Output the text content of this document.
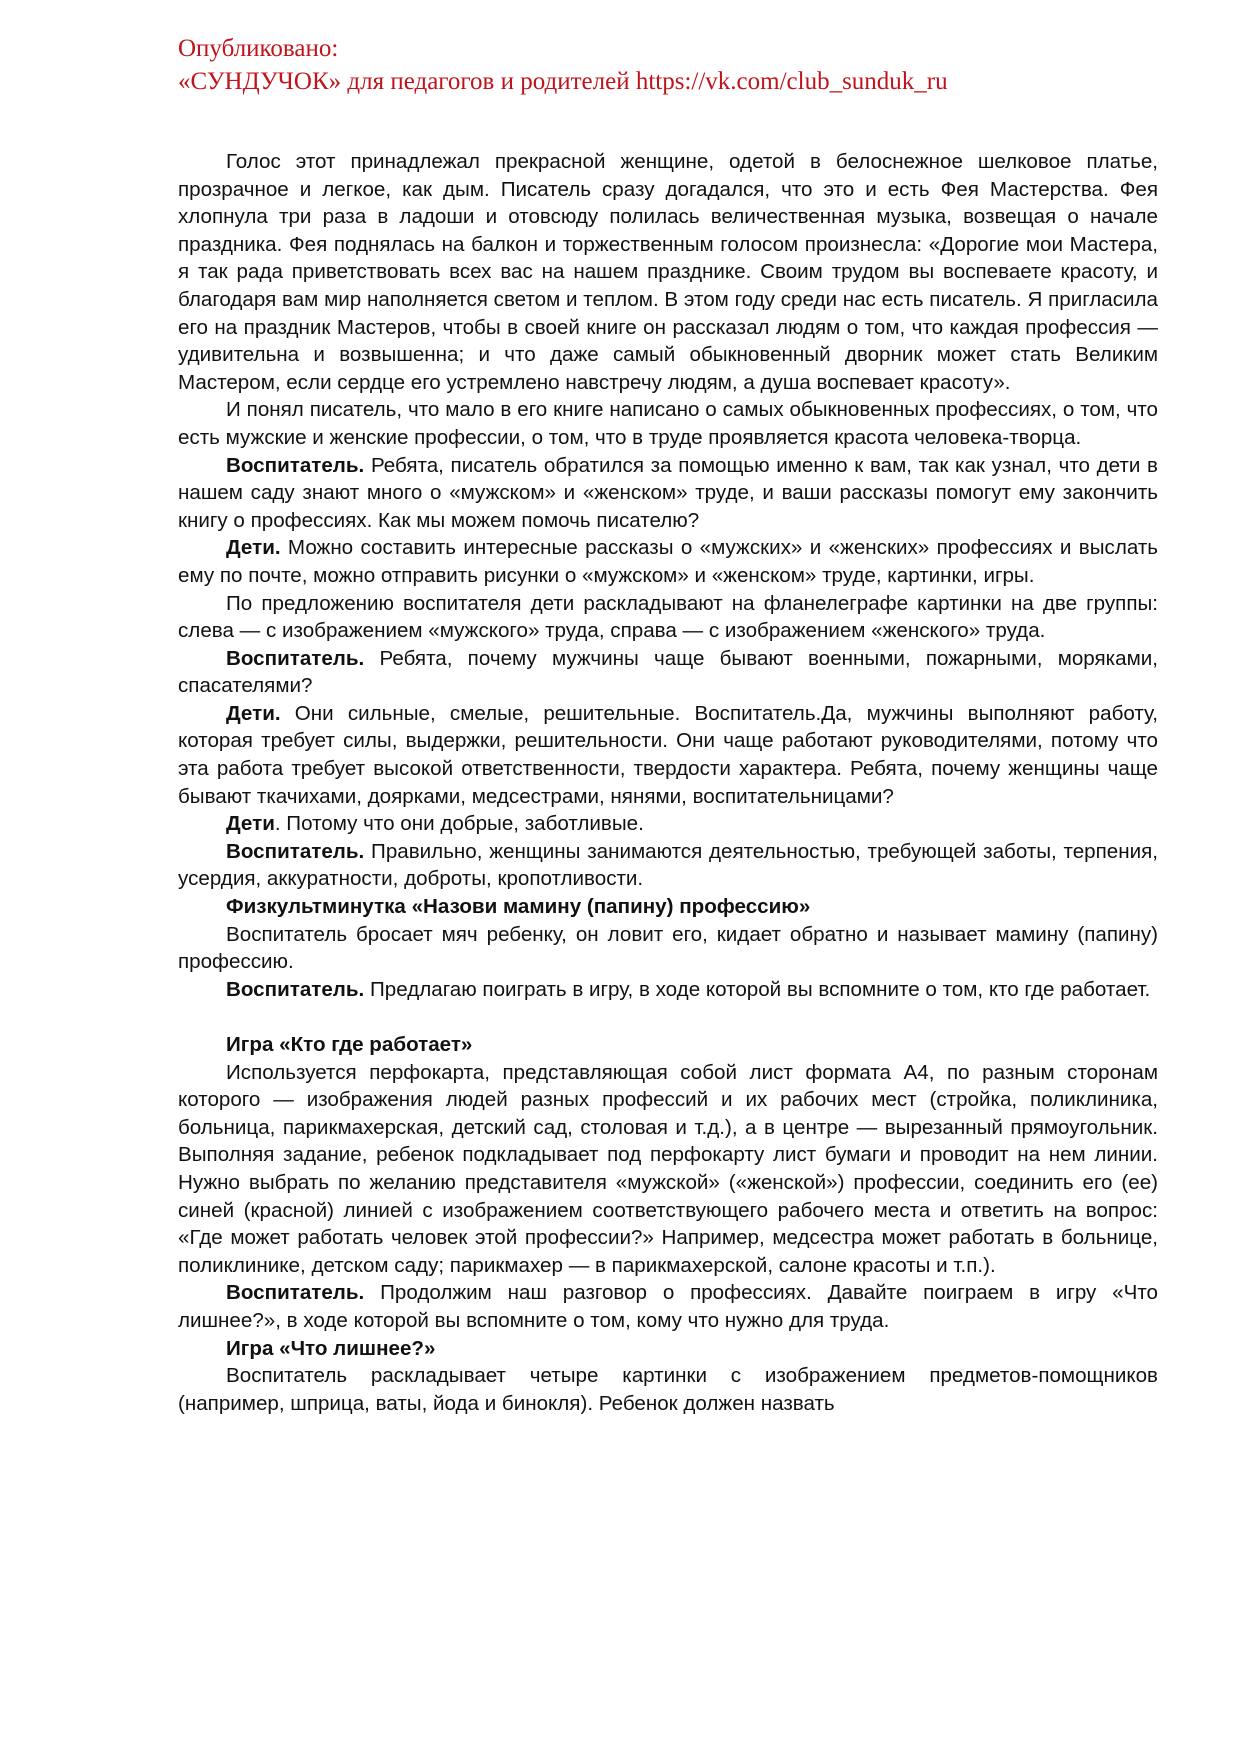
Опубликовано:
«СУНДУЧОК» для педагогов и родителей https://vk.com/club_sunduk_ru

Голос этот принадлежал прекрасной женщине, одетой в белоснежное шелковое платье, прозрачное и легкое, как дым. Писатель сразу догадался, что это и есть Фея Мастерства. Фея хлопнула три раза в ладоши и отовсюду полилась величественная музыка, возвещая о начале праздника. Фея поднялась на балкон и торжественным голосом произнесла: «Дорогие мои Мастера, я так рада приветствовать всех вас на нашем празднике. Своим трудом вы воспеваете красоту, и благодаря вам мир наполняется светом и теплом. В этом году среди нас есть писатель. Я пригласила его на праздник Мастеров, чтобы в своей книге он рассказал людям о том, что каждая профессия — удивительна и возвышенна; и что даже самый обыкновенный дворник может стать Великим Мастером, если сердце его устремлено навстречу людям, а душа воспевает красоту».

И понял писатель, что мало в его книге написано о самых обыкновенных профессиях, о том, что есть мужские и женские профессии, о том, что в труде проявляется красота человека-творца.

Воспитатель. Ребята, писатель обратился за помощью именно к вам, так как узнал, что дети в нашем саду знают много о «мужском» и «женском» труде, и ваши рассказы помогут ему закончить книгу о профессиях. Как мы можем помочь писателю?

Дети. Можно составить интересные рассказы о «мужских» и «женских» профессиях и выслать ему по почте, можно отправить рисунки о «мужском» и «женском» труде, картинки, игры.

По предложению воспитателя дети раскладывают на фланелеграфе картинки на две группы: слева — с изображением «мужского» труда, справа — с изображением «женского» труда.

Воспитатель. Ребята, почему мужчины чаще бывают военными, пожарными, моряками, спасателями?

Дети. Они сильные, смелые, решительные. Воспитатель.Да, мужчины выполняют работу, которая требует силы, выдержки, решительности. Они чаще работают руководителями, потому что эта работа требует высокой ответственности, твердости характера. Ребята, почему женщины чаще бывают ткачихами, доярками, медсестрами, нянями, воспитательницами?

Дети. Потому что они добрые, заботливые.

Воспитатель. Правильно, женщины занимаются деятельностью, требующей заботы, терпения, усердия, аккуратности, доброты, кропотливости.

Физкультминутка «Назови мамину (папину) профессию»

Воспитатель бросает мяч ребенку, он ловит его, кидает обратно и называет мамину (папину) профессию.

Воспитатель. Предлагаю поиграть в игру, в ходе которой вы вспомните о том, кто где работает.

Игра «Кто где работает»

Используется перфокарта, представляющая собой лист формата А4, по разным сторонам которого — изображения людей разных профессий и их рабочих мест (стройка, поликлиника, больница, парикмахерская, детский сад, столовая и т.д.), а в центре — вырезанный прямоугольник. Выполняя задание, ребенок подкладывает под перфокарту лист бумаги и проводит на нем линии. Нужно выбрать по желанию представителя «мужской» («женской») профессии, соединить его (ее) синей (красной) линией с изображением соответствующего рабочего места и ответить на вопрос: «Где может работать человек этой профессии?» Например, медсестра может работать в больнице, поликлинике, детском саду; парикмахер — в парикмахерской, салоне красоты и т.п.).

Воспитатель. Продолжим наш разговор о профессиях. Давайте поиграем в игру «Что лишнее?», в ходе которой вы вспомните о том, кому что нужно для труда.

Игра «Что лишнее?»

Воспитатель раскладывает четыре картинки с изображением предметов-помощников (например, шприца, ваты, йода и бинокля). Ребенок должен назвать
